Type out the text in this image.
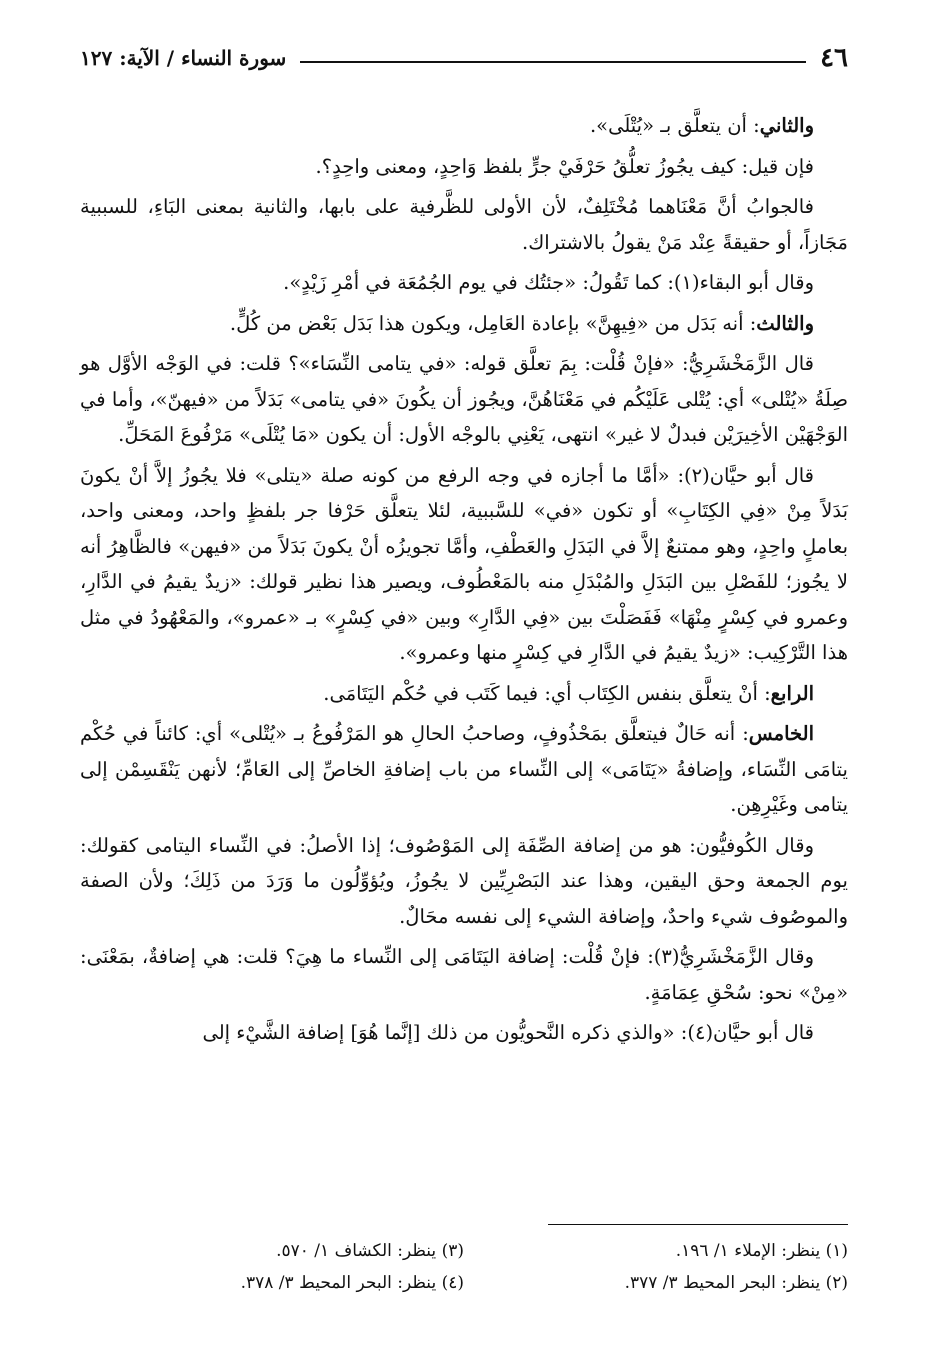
٤٦
سورة النساء / الآية: ١٢٧

والثاني: أن يتعلَّق بـ «يُتْلَى».

فإن قيل: كيف يجُوزُ تعلُّقُ حَرْفَيْ جرٍّ بلفظ وَاحِدٍ، ومعنى واحِدٍ؟.

فالجوابُ أنَّ مَعْنَاهما مُخْتَلِفٌ، لأن الأولى للظَّرفية على بابها، والثانية بمعنى البَاءِ، للسببية مَجَازاً، أو حقيقةً عِنْد مَنْ يقولُ بالاشتراك.

وقال أبو البقاء(١): كما تَقُولُ: «جئتُك في يوم الجُمُعَة في أمْرِ زَيْدٍ».

والثالث: أنه بَدَل من «فِيهِنَّ» بإعادة العَامِل، ويكون هذا بَدَل بَعْض من كُلٍّ.

قال الزَّمَخْشَرِيُّ: «فإنْ قُلْت: بِمَ تعلَّق قوله: «في يتامى النِّسَاء»؟ قلت: في الوَجْه الأوَّل هو صِلَةُ «يُتْلى» أي: يُتْلى عَلَيْكُم في مَعْنَاهُنَّ، ويجُوز أن يكُونَ «في يتامى» بَدَلاً من «فيهنّ»، وأما في الوَجْهَيْن الأخِيرَيْن فبدلٌ لا غير» انتهى، يَعْنِي بالوجْه الأول: أن يكون «مَا يُتْلَى» مَرْفُوعَ المَحَلِّ.

قال أبو حيَّان(٢): «أمَّا ما أجازه في وجه الرفع من كونه صلة «يتلى» فلا يجُوزُ إلاَّ أنْ يكونَ بَدَلاً مِنْ «فِي الكِتَابِ» أو تكون «في» للسَّببية، لئلا يتعلَّق حَرْفا جر بلفظٍ واحد، ومعنى واحد، بعاملٍ واحِدٍ، وهو ممتنعٌ إلاَّ في البَدَلِ والعَطْفِ، وأمَّا تجويزُه أنْ يكونَ بَدَلاً من «فيهن» فالظَّاهِرُ أنه لا يجُوز؛ للفَصْلِ بين البَدَلِ والمُبْدَلِ منه بالمَعْطُوف، ويصير هذا نظير قولك: «زيدٌ يقيمُ في الدَّارِ، وعمرو في كِسْرٍ مِنْهَا» فَفَصَلْتَ بين «فِي الدَّارِ» وبين «في كِسْرٍ» بـ «عمرو»، والمَعْهُودُ في مثل هذا التَّرْكِيب: «زيدٌ يقيمُ في الدَّارِ في كِسْرٍ منها وعمرو».

الرابع: أنْ يتعلَّق بنفس الكِتَاب أي: فيما كَتَب في حُكْم اليَتَامَى.

الخامس: أنه حَالٌ فيتعلَّق بمَحْذُوفٍ، وصاحبُ الحالِ هو المَرْفُوعُ بـ «يُتْلى» أي: كائناً في حُكْم يتامَى النِّسَاء، وإضافةُ «يَتَامَى» إلى النِّساء من باب إضافةِ الخاصِّ إلى العَامِّ؛ لأنهن يَنْقَسِمْن إلى يتامى وغَيْرِهِن.

وقال الكُوفيُّون: هو من إضافة الصِّفَة إلى المَوْصُوف؛ إذا الأصلُ: في النِّساء اليتامى كقولك: يوم الجمعة وحق اليقين، وهذا عند البَصْرِيِّين لا يجُوزُ، ويُؤوِّلُون ما وَرَدَ من ذَلِكَ؛ ولأن الصفة والموصُوف شيء واحدٌ، وإضافة الشيء إلى نفسه محَالٌ.

وقال الزَّمَخْشَرِيُّ(٣): فإنْ قُلْت: إضافة اليَتَامَى إلى النِّساء ما هِيَ؟ قلت: هي إضافةٌ، بمَعْنَى: «مِنْ» نحو: سُحْقِ عِمَامَةٍ.

قال أبو حيَّان(٤): «والذي ذكره النَّحويُّون من ذلك [إنَّما هُوَ] إضافة الشَّيْء إلى

(١) ينظر: الإملاء ١/ ١٩٦.
(٣) ينظر: الكشاف ١/ ٥٧٠.
(٢) ينظر: البحر المحيط ٣/ ٣٧٧.
(٤) ينظر: البحر المحيط ٣/ ٣٧٨.
